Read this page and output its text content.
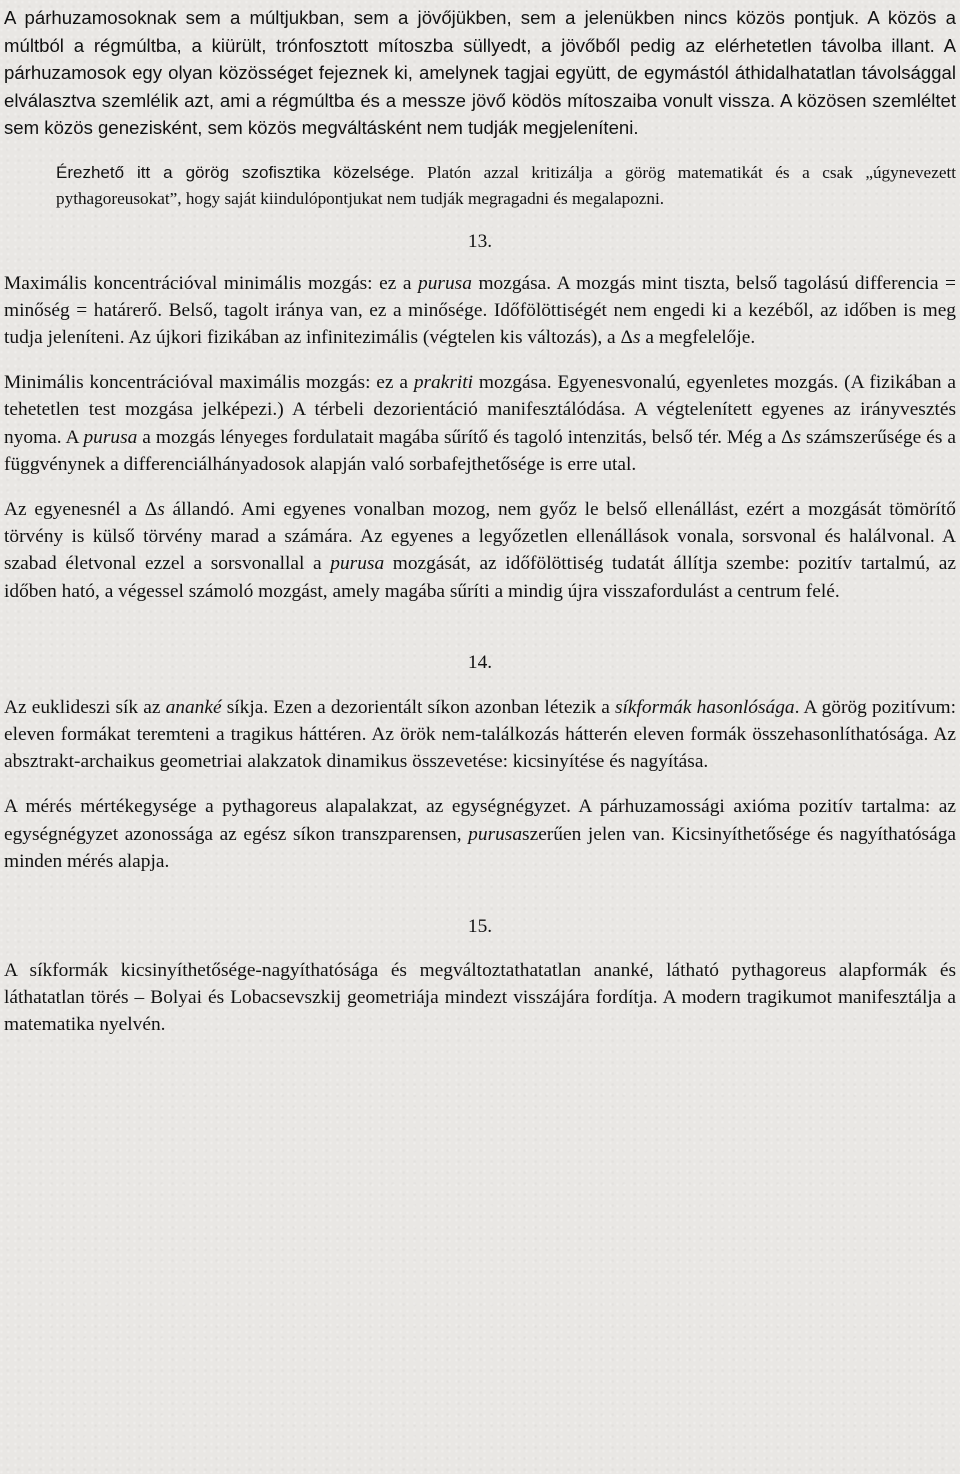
A párhuzamosoknak sem a múltjukban, sem a jövőjükben, sem a jelenükben nincs közös pontjuk. A közös a múltból a régmúltba, a kiürült, trónfosztott mítoszba süllyedt, a jövőből pedig az elérhetetlen távolba illant. A párhuzamosok egy olyan közösséget fejeznek ki, amelynek tagjai együtt, de egymástól áthidalhatatlan távolsággal elválasztva szemlélik azt, ami a régmúltba és a messze jövő ködös mítoszaiba vonult vissza. A közösen szemléltet sem közös genezisként, sem közös megváltásként nem tudják megjeleníteni.

Érezhető itt a görög szofisztika közelsége. Platón azzal kritizálja a görög matematikát és a csak „úgynevezett pythagoreusokat”, hogy saját kiindulópontjukat nem tudják megragadni és megalapozni.

13.

Maximális koncentrációval minimális mozgás: ez a purusa mozgása. A mozgás mint tiszta, belső tagolású differencia = minőség = határerő. Belső, tagolt iránya van, ez a minősége. Időfölöttiségét nem engedi ki a kezéből, az időben is meg tudja jeleníteni. Az újkori fizikában az infinitezimális (végtelen kis változás), a Δs a megfelelője.

Minimális koncentrációval maximális mozgás: ez a prakriti mozgása. Egyenesvonalú, egyenletes mozgás. (A fizikában a tehetetlen test mozgása jelképezi.) A térbeli dezorientáció manifesztálódása. A végtelenített egyenes az irányvesztés nyoma. A purusa a mozgás lényeges fordulatait magába sűrítő és tagoló intenzitás, belső tér. Még a Δs számszerűsége és a függvénynek a differenciálhányadosok alapján való sorbafejthetősége is erre utal.

Az egyenesnél a Δs állandó. Ami egyenes vonalban mozog, nem győz le belső ellenállást, ezért a mozgását tömörítő törvény is külső törvény marad a számára. Az egyenes a legyőzetlen ellenállások vonala, sorsvonal és halálvonal. A szabad életvonal ezzel a sorsvonallal a purusa mozgását, az időfölöttiség tudatát állítja szembe: pozitív tartalmú, az időben ható, a végessel számoló mozgást, amely magába sűríti a mindig újra visszafordulást a centrum felé.

14.

Az euklideszi sík az ananké síkja. Ezen a dezorientált síkon azonban létezik a síkformák hasonlósága. A görög pozitívum: eleven formákat teremteni a tragikus háttéren. Az örök nem-találkozás hátterén eleven formák összehasonlíthatósága. Az absztrakt-archaikus geometriai alakzatok dinamikus összevetése: kicsinyítése és nagyítása.

A mérés mértékegysége a pythagoreus alapalakzat, az egységnégyzet. A párhuzamossági axióma pozitív tartalma: az egységnégyzet azonossága az egész síkon transzparensen, purusaszerűen jelen van. Kicsinyíthetősége és nagyíthatósága minden mérés alapja.

15.

A síkformák kicsinyíthetősége-nagyíthatósága és megváltoztathatatlan ananké, látható pythagoreus alapformák és láthatatlan törés – Bolyai és Lobacsevszkij geometriája mindezt visszájára fordítja. A modern tragikumot manifesztálja a matematika nyelvén.
